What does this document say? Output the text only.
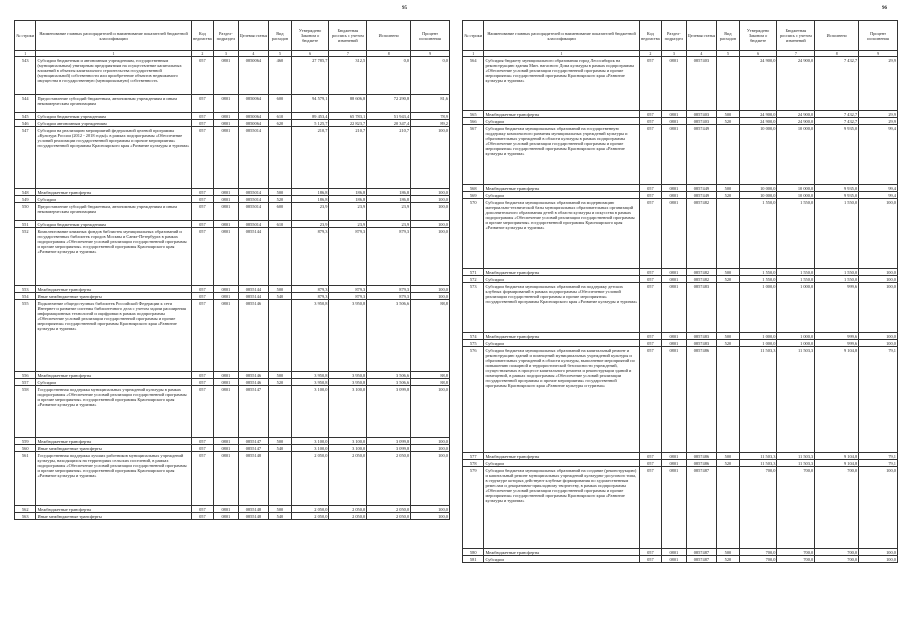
95
№ строки	Наименование главных распорядителей и наименование показателей бюджетной классификации	Код ведомства	Раздел-подраздел	Целевая статья	Вид расходов	Утверждено Законом о бюджете	Бюджетная роспись с учетом изменений	Исполнено	Процент исполнения
1	1	2	3	4	5	6	7	8	9
543	Субсидии бюджетным и автономным учреждениям, государственным (муниципальным) унитарным предприятиям на осуществление капитальных вложений в объекты капитального строительства государственной (муниципальной) собственности или приобретение объектов недвижимого имущества в государственную (муниципальную) собственность	057	0801	0850064	460	27 785,7	312,5	0,0	0,0
544	Предоставление субсидий бюджетным, автономным учреждениям и иным некоммерческим организациям	057	0801	0850064	600	94 579,1	88 606,8	72 290,8	81,6
545	Субсидии бюджетным учреждениям	057	0801	0850064	610	89 453,4	65 783,1	51 943,4	78,9
546	Субсидии автономным учреждениям	057	0801	0850064	620	5 125,7	22 823,7	20 347,4	89,2
547	Субсидии на реализацию мероприятий федеральной целевой программы «Культура России (2012 - 2018 годы)» в рамках подпрограммы «Обеспечение условий реализации государственной программы и прочие мероприятия» государственной программы Красноярского края «Развитие культуры и туризма»	057	0801	0855014		210,7	210,7	210,7	100,0
548	Межбюджетные трансферты	057	0801	0855014	500	186,8	186,8	186,8	100,0
549	Субсидии	057	0801	0855014	520	186,8	186,8	186,8	100,0
550	Предоставление субсидий бюджетным, автономным учреждениям и иным некоммерческим организациям	057	0801	0855014	600	23,9	23,9	23,9	100,0
551	Субсидии бюджетным учреждениям	057	0801	0855014	610	23,9	23,9	23,9	100,0
552	Комплектование книжных фондов библиотек муниципальных образований и государственных библиотек городов Москвы и Санкт-Петербурга в рамках подпрограммы «Обеспечение условий реализации государственной программы и прочие мероприятия» государственной программы Красноярского края «Развитие культуры и туризма»	057	0801	0855144		879,3	879,3	879,3	100,0
553	Межбюджетные трансферты	057	0801	0855144	500	879,3	879,3	879,3	100,0
554	Иные межбюджетные трансферты	057	0801	0855144	540	879,3	879,3	879,3	100,0
555	Подключение общедоступных библиотек Российской Федерации к сети Интернет и развитие системы библиотечного дела с учетом задачи расширения информационных технологий и оцифровки в рамках подпрограммы «Обеспечение условий реализации государственной программы и прочие мероприятия» государственной программы Красноярского края «Развитие культуры и туризма»	057	0801	0855146		3 950,8	3 950,8	3 506,6	88,8
556	Межбюджетные трансферты	057	0801	0855146	500	3 950,8	3 950,8	3 506,6	88,8
557	Субсидии	057	0801	0855146	520	3 950,8	3 950,8	3 506,6	88,8
558	Государственная поддержка муниципальных учреждений культуры в рамках подпрограммы «Обеспечение условий реализации государственной программы и прочие мероприятия» государственной программы Красноярского края «Развитие культуры и туризма»	057	0801	0855147		3 100,0	3 100,0	3 099,8	100,0
559	Межбюджетные трансферты	057	0801	0855147	500	3 100,0	3 100,0	3 099,8	100,0
560	Иные межбюджетные трансферты	057	0801	0855147	540	3 100,0	3 100,0	3 099,8	100,0
561	Государственная поддержка лучших работников муниципальных учреждений культуры, находящихся на территориях сельских поселений, в рамках подпрограммы «Обеспечение условий реализации государственной программы и прочие мероприятия» государственной программы Красноярского края «Развитие культуры и туризма»	057	0801	0855148		2 050,0	2 050,0	2 050,0	100,0
562	Межбюджетные трансферты	057	0801	0855148	500	2 050,0	2 050,0	2 050,0	100,0
563	Иные межбюджетные трансферты	057	0801	0855148	540	2 050,0	2 050,0	2 050,0	100,0
96
№ строки	Наименование главных распорядителей и наименование показателей бюджетной классификации	Код ведомства	Раздел-подраздел	Целевая статья	Вид расходов	Утверждено Законом о бюджете	Бюджетная роспись с учетом изменений	Исполнено	Процент исполнения
1	1	2	3	4	5	6	7	8	9
564	Субсидия бюджету муниципального образования город Лесосибирск на реконструкцию здания Мин. нагасного Дома культуры в рамках подпрограммы «Обеспечение условий реализации государственной программы и прочие мероприятия» государственной программы Красноярского края «Развитие культуры и туризма»	057	0801	0857403		24 900,0	24 900,0	7 432,7	29,9
565	Межбюджетные трансферты	057	0801	0857403	500	24 900,0	24 900,0	7 432,7	29,9
566	Субсидии	057	0801	0857403	520	24 900,0	24 900,0	7 432,7	29,9
567	Субсидии бюджетам муниципальных образований на государственную поддержку комплексного развития муниципальных учреждений культуры и образовательных учреждений в области культуры в рамках подпрограммы «Обеспечение условий реализации государственной программы и прочие мероприятия» государственной программы Красноярского края «Развитие культуры и туризма»	057	0801	0857449		10 000,0	10 000,0	9 935,0	99,4
568	Межбюджетные трансферты	057	0801	0857449	500	10 000,0	10 000,0	9 935,0	99,4
569	Субсидии	057	0801	0857449	520	10 000,0	10 000,0	9 935,0	99,4
570	Субсидии бюджетам муниципальных образований на модернизацию материально-технической базы муниципальных образовательных организаций дополнительного образования детей в области культуры и искусства в рамках подпрограммы «Обеспечение условий реализации государственной программы и прочие мероприятия» государственной программы Красноярского края «Развитие культуры и туризма»	057	0801	0857482		1 550,0	1 550,0	1 550,0	100,0
571	Межбюджетные трансферты	057	0801	0857482	500	1 550,0	1 550,0	1 550,0	100,0
572	Субсидии	057	0801	0857482	520	1 550,0	1 550,0	1 550,0	100,0
573	Субсидии бюджетам муниципальных образований на поддержку детских клубных формирований в рамках подпрограммы «Обеспечение условий реализации государственной программы и прочие мероприятия» государственной программы Красноярского края «Развитие культуры и туризма»	057	0801	0857483		1 000,0	1 000,0	999,6	100,0
574	Межбюджетные трансферты	057	0801	0857483	500	1 000,0	1 000,0	999,6	100,0
575	Субсидии	057	0801	0857483	520	1 000,0	1 000,0	999,6	100,0
576	Субсидии бюджетам муниципальных образований на капитальный ремонт и реконструкцию зданий и помещений муниципальных учреждений культуры и образовательных учреждений в области культуры, выполнение мероприятий по повышению пожарной и террористической безопасности учреждений, осуществляемых в процессе капитального ремонта и реконструкции зданий и помещений, в рамках подпрограммы «Обеспечение условий реализации государственной программы и прочие мероприятия» государственной программы Красноярского края «Развитие культуры и туризма»	057	0801	0857486		11 503,3	11 503,3	9 104,8	79,1
577	Межбюджетные трансферты	057	0801	0857486	500	11 503,3	11 503,3	9 104,8	79,1
578	Субсидии	057	0801	0857486	520	11 503,3	11 503,3	9 104,8	79,1
579	Субсидии бюджетам муниципальных образований на создание (реконструкцию) и капитальный ремонт муниципальных учреждений культурно-досугового типа, в структуре которых действуют клубные формирования по художественным ремеслам и декоративно-прикладному творчеству, в рамках подпрограммы «Обеспечение условий реализации государственной программы и прочие мероприятия» государственной программы Красноярского края «Развитие культуры и туризма»	057	0801	0857487		700,0	700,0	700,0	100,0
580	Межбюджетные трансферты	057	0801	0857487	500	700,0	700,0	700,0	100,0
581	Субсидии	057	0801	0857487	520	700,0	700,0	700,0	100,0
